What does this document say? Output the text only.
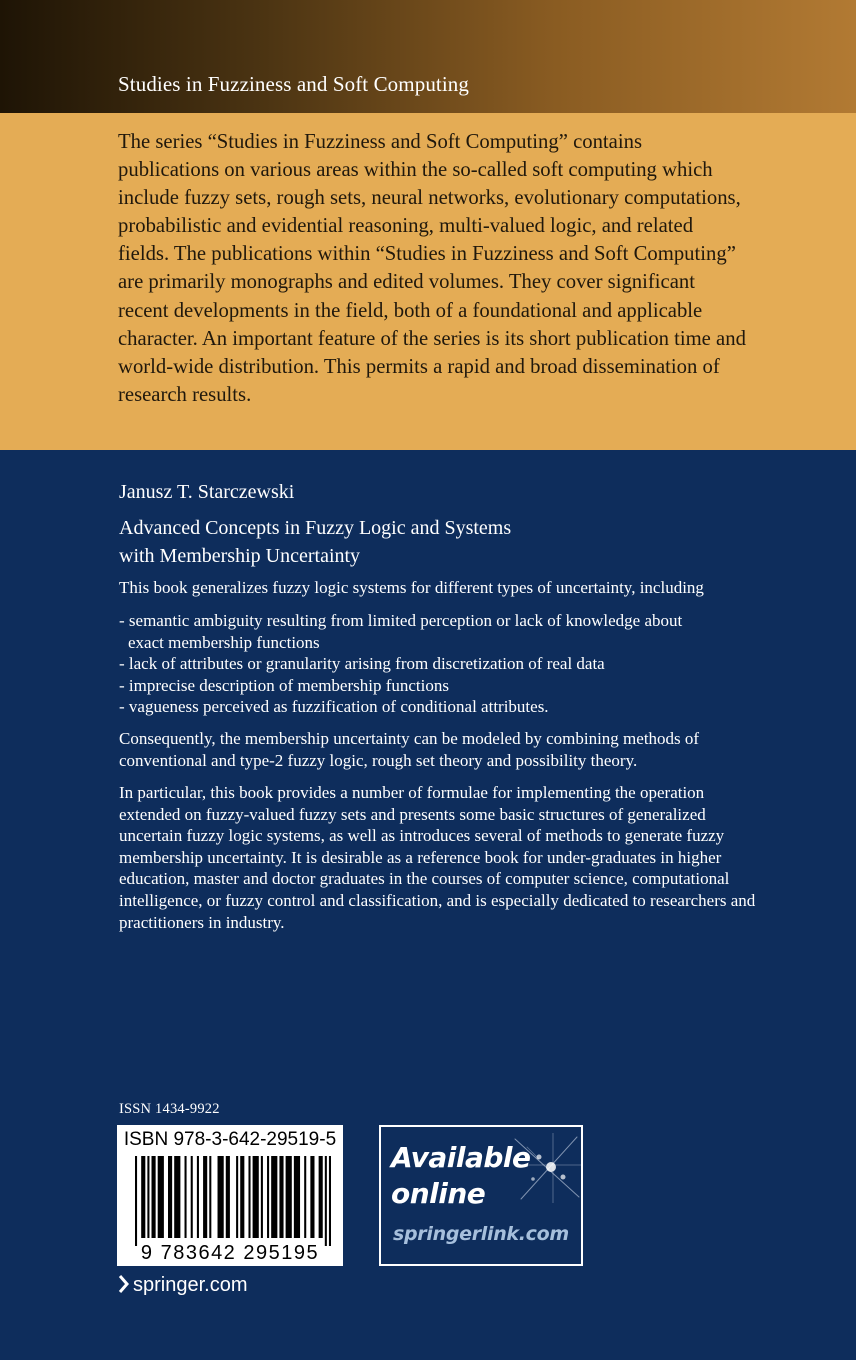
Studies in Fuzziness and Soft Computing

The series “Studies in Fuzziness and Soft Computing” contains publications on various areas within the so-called soft computing which include fuzzy sets, rough sets, neural networks, evolutionary computations, probabilistic and evidential reasoning, multi-valued logic, and related fields. The publications within “Studies in Fuzziness and Soft Computing” are primarily monographs and edited volumes. They cover significant recent developments in the field, both of a foundational and applicable character. An important feature of the series is its short publication time and world-wide distribution. This permits a rapid and broad dissemination of research results.

Janusz T. Starczewski

Advanced Concepts in Fuzzy Logic and Systems
with Membership Uncertainty

This book generalizes fuzzy logic systems for different types of uncertainty, including

- semantic ambiguity resulting from limited perception or lack of knowledge about
exact membership functions
- lack of attributes or granularity arising from discretization of real data
- imprecise description of membership functions
- vagueness perceived as fuzzification of conditional attributes.

Consequently, the membership uncertainty can be modeled by combining methods of conventional and type-2 fuzzy logic, rough set theory and possibility theory.

In particular, this book provides a number of formulae for implementing the operation extended on fuzzy-valued fuzzy sets and presents some basic structures of generalized uncertain fuzzy logic systems, as well as introduces several of methods to generate fuzzy membership uncertainty. It is desirable as a reference book for under-graduates in higher education, master and doctor graduates in the courses of computer science, computational intelligence, or fuzzy control and classification, and is especially dedicated to researchers and practitioners in industry.

ISSN 1434-9922
ISBN 978-3-642-29519-5
9 783642 295195
Available
online
springerlink.com
springer.com
